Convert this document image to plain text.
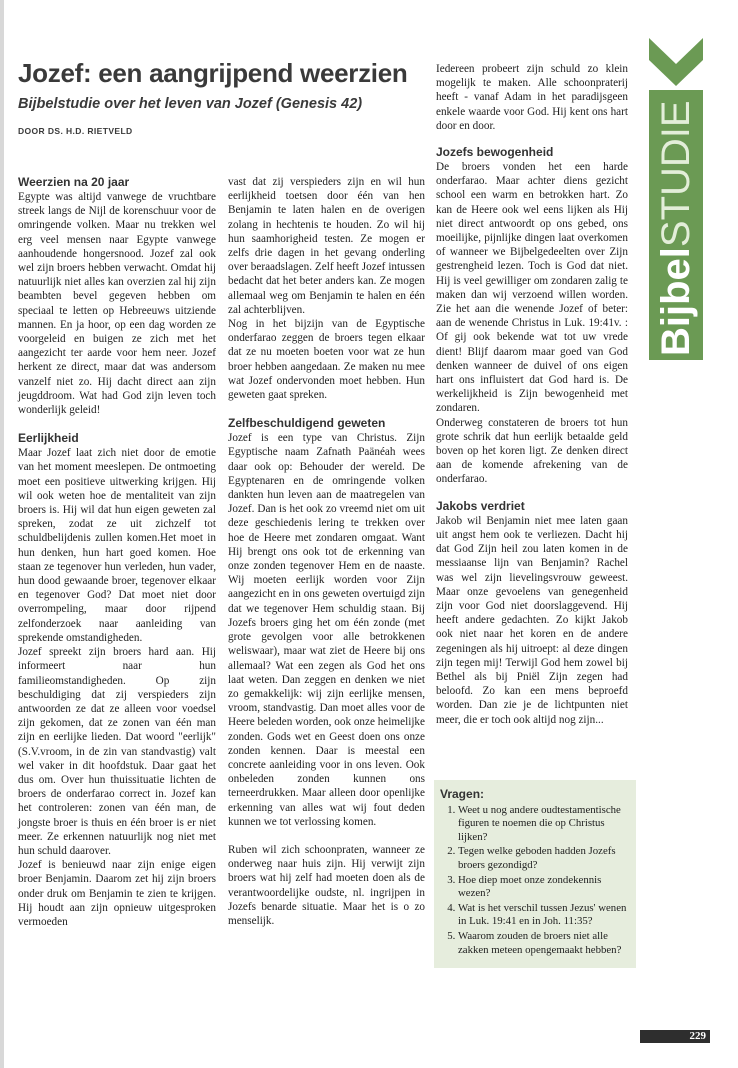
Jozef: een aangrijpend weerzien
Bijbelstudie over het leven van Jozef (Genesis 42)
DOOR DS. H.D. RIETVELD
Weerzien na 20 jaar

Egypte was altijd vanwege de vruchtbare streek langs de Nijl de korenschuur voor de omringende volken. Maar nu trekken wel erg veel mensen naar Egypte vanwege aanhoudende hongersnood. Jozef zal ook wel zijn broers hebben verwacht. Omdat hij natuurlijk niet alles kan overzien zal hij zijn beambten bevel gegeven hebben om speciaal te letten op Hebreeuws uitziende mannen. En ja hoor, op een dag worden ze voorgeleid en buigen ze zich met het aangezicht ter aarde voor hem neer. Jozef herkent ze direct, maar dat was andersom vanzelf niet zo. Hij dacht direct aan zijn jeugddroom. Wat had God zijn leven toch wonderlijk geleid!

Eerlijkheid

Maar Jozef laat zich niet door de emotie van het moment meeslepen. De ontmoeting moet een positieve uitwerking krijgen. Hij wil ook weten hoe de mentaliteit van zijn broers is. Hij wil dat hun eigen geweten zal spreken, zodat ze uit zichzelf tot schuldbelijdenis zullen komen.Het moet in hun denken, hun hart goed komen. Hoe staan ze tegenover hun verleden, hun vader, hun dood gewaande broer, tegenover elkaar en tegenover God? Dat moet niet door overrompeling, maar door rijpend zelfonderzoek naar aanleiding van sprekende omstandigheden.

Jozef spreekt zijn broers hard aan. Hij informeert naar hun familieomstandigheden. Op zijn beschuldiging dat zij verspieders zijn antwoorden ze dat ze alleen voor voedsel zijn gekomen, dat ze zonen van één man zijn en eerlijke lieden. Dat woord "eerlijk" (S.V.vroom, in de zin van standvastig) valt wel vaker in dit hoofdstuk. Daar gaat het dus om. Over hun thuissituatie lichten de broers de onderfarao correct in. Jozef kan het controleren: zonen van één man, de jongste broer is thuis en één broer is er niet meer. Ze erkennen natuurlijk nog niet met hun schuld daarover.

Jozef is benieuwd naar zijn enige eigen broer Benjamin. Daarom zet hij zijn broers onder druk om Benjamin te zien te krijgen. Hij houdt aan zijn opnieuw uitgesproken vermoeden

vast dat zij verspieders zijn en wil hun eerlijkheid toetsen door één van hen Benjamin te laten halen en de overigen zolang in hechtenis te houden. Zo wil hij hun saamhorigheid testen. Ze mogen er zelfs drie dagen in het gevang onderling over beraadslagen. Zelf heeft Jozef intussen bedacht dat het beter anders kan. Ze mogen allemaal weg om Benjamin te halen en één zal achterblijven.

Nog in het bijzijn van de Egyptische onderfarao zeggen de broers tegen elkaar dat ze nu moeten boeten voor wat ze hun broer hebben aangedaan. Ze maken nu mee wat Jozef ondervonden moet hebben. Hun geweten gaat spreken.

Zelfbeschuldigend geweten

Jozef is een type van Christus. Zijn Egyptische naam Zafnath Paänéah wees daar ook op: Behouder der wereld. De Egyptenaren en de omringende volken dankten hun leven aan de maatregelen van Jozef. Dan is het ook zo vreemd niet om uit deze geschiedenis lering te trekken over hoe de Heere met zondaren omgaat. Want Hij brengt ons ook tot de erkenning van onze zonden tegenover Hem en de naaste. Wij moeten eerlijk worden voor Zijn aangezicht en in ons geweten overtuigd zijn dat we tegenover Hem schuldig staan. Bij Jozefs broers ging het om één zonde (met grote gevolgen voor alle betrokkenen weliswaar), maar wat ziet de Heere bij ons allemaal? Wat een zegen als God het ons laat weten. Dan zeggen en denken we niet zo gemakkelijk: wij zijn eerlijke mensen, vroom, standvastig. Dan moet alles voor de Heere beleden worden, ook onze heimelijke zonden. Gods wet en Geest doen ons onze zonden kennen. Daar is meestal een concrete aanleiding voor in ons leven. Ook onbeleden zonden kunnen ons terneerdrukken. Maar alleen door openlijke erkenning van alles wat wij fout deden kunnen we tot verlossing komen.

Ruben wil zich schoonpraten, wanneer ze onderweg naar huis zijn. Hij verwijt zijn broers wat hij zelf had moeten doen als de verantwoordelijke oudste, nl. ingrijpen in Jozefs benarde situatie. Maar het is o zo menselijk.

Iedereen probeert zijn schuld zo klein mogelijk te maken. Alle schoonpraterij heeft - vanaf Adam in het paradijsgeen enkele waarde voor God. Hij kent ons hart door en door.

Jozefs bewogenheid

De broers vonden het een harde onderfarao. Maar achter diens gezicht school een warm en betrokken hart. Zo kan de Heere ook wel eens lijken als Hij niet direct antwoordt op ons gebed, ons moeilijke, pijnlijke dingen laat overkomen of wanneer we Bijbelgedeelten over Zijn gestrengheid lezen. Toch is God dat niet. Hij is veel gewilliger om zondaren zalig te maken dan wij verzoend willen worden. Zie het aan die wenende Jozef of beter: aan de wenende Christus in Luk. 19:41v. : Of gij ook bekende wat tot uw vrede dient! Blijf daarom maar goed van God denken wanneer de duivel of ons eigen hart ons influistert dat God hard is. De werkelijkheid is Zijn bewogenheid met zondaren.

Onderweg constateren de broers tot hun grote schrik dat hun eerlijk betaalde geld boven op het koren ligt. Ze denken direct aan de komende afrekening van de onderfarao.

Jakobs verdriet

Jakob wil Benjamin niet mee laten gaan uit angst hem ook te verliezen. Dacht hij dat God Zijn heil zou laten komen in de messiaanse lijn van Benjamin? Rachel was wel zijn lievelingsvrouw geweest. Maar onze gevoelens van genegenheid zijn voor God niet doorslaggevend. Hij heeft andere gedachten. Zo kijkt Jakob ook niet naar het koren en de andere zegeningen als hij uitroept: al deze dingen zijn tegen mij! Terwijl God hem zowel bij Bethel als bij Pniël Zijn zegen had beloofd. Zo kan een mens beproefd worden. Dan zie je de lichtpunten niet meer, die er toch ook altijd nog zijn...

Vragen:
1. Weet u nog andere oudtestamentische figuren te noemen die op Christus lijken?
2. Tegen welke geboden hadden Jozefs broers gezondigd?
3. Hoe diep moet onze zondekennis wezen?
4. Wat is het verschil tussen Jezus' wenen in Luk. 19:41 en in Joh. 11:35?
5. Waarom zouden de broers niet alle zakken meteen opengemaakt hebben?
BijbelSTUDIE
229
